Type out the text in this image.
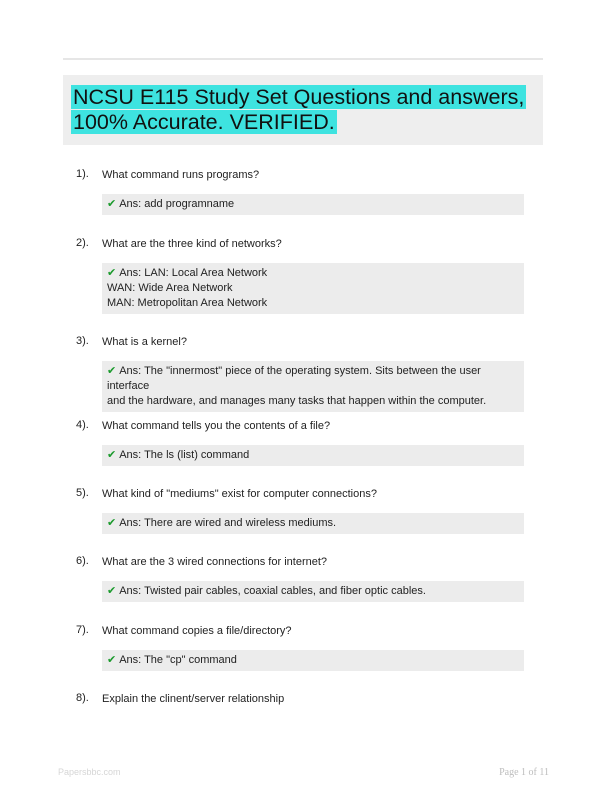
NCSU E115 Study Set Questions and answers,
100% Accurate. VERIFIED.
1). What command runs programs?
✔ Ans: add programname
2). What are the three kind of networks?
✔ Ans: LAN: Local Area Network
WAN: Wide Area Network
MAN: Metropolitan Area Network
3). What is a kernel?
✔ Ans: The "innermost" piece of the operating system. Sits between the user interface
and the hardware, and manages many tasks that happen within the computer.
4). What command tells you the contents of a file?
✔ Ans: The ls (list) command
5). What kind of "mediums" exist for computer connections?
✔ Ans: There are wired and wireless mediums.
6). What are the 3 wired connections for internet?
✔ Ans: Twisted pair cables, coaxial cables, and fiber optic cables.
7). What command copies a file/directory?
✔ Ans: The "cp" command
8). Explain the clinent/server relationship
Papersbbc.com	Page 1 of 11
